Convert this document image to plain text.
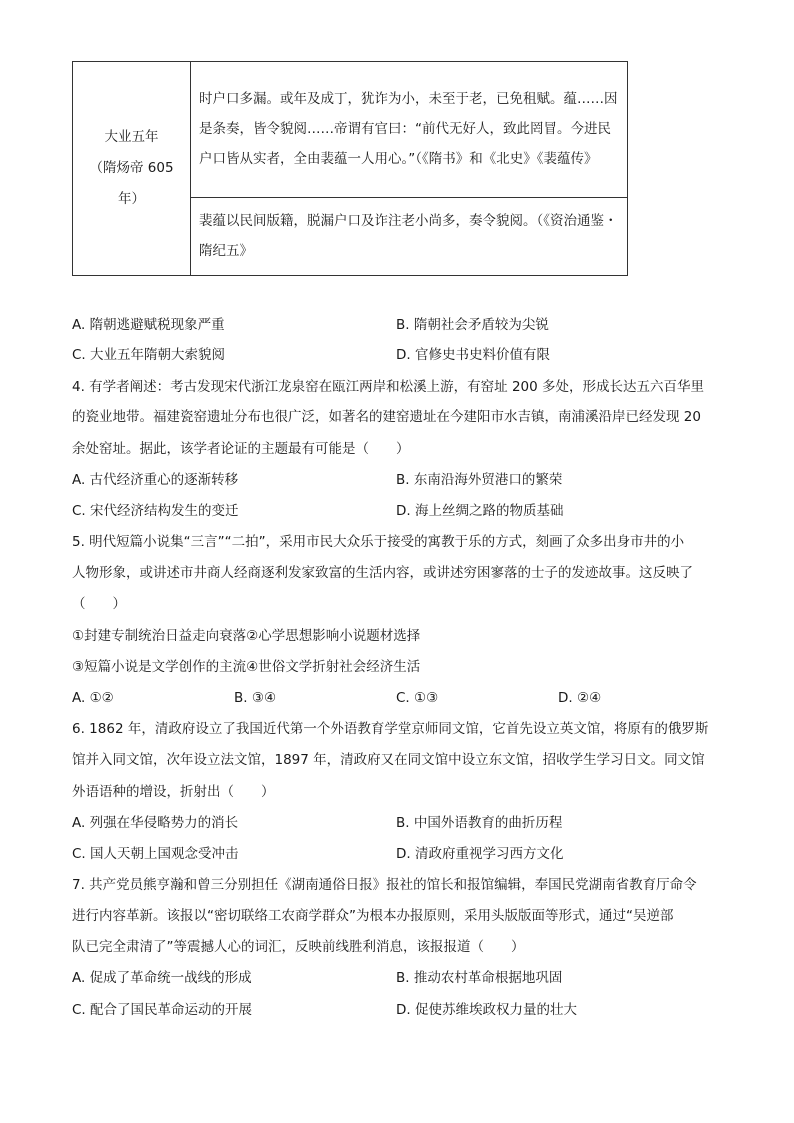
大业五年
（隋炀帝 605
年）
	时户口多漏。或年及成丁，犹诈为小，未至于老，已免租赋。蕴……因是条奏，皆令貌阅……帝谓有官曰：“前代无好人，致此罔冒。今进民户口皆从实者，全由裴蕴一人用心。”（《隋书》和《北史》《裴蕴传》
裴蕴以民间版籍，脱漏户口及诈注老小尚多，奏令貌阅。（《资治通鉴・隋纪五》
A. 隋朝逃避赋税现象严重	B. 隋朝社会矛盾较为尖锐
C. 大业五年隋朝大索貌阅	D. 官修史书史料价值有限
4. 有学者阐述：考古发现宋代浙江龙泉窑在瓯江两岸和松溪上游，有窑址 200 多处，形成长达五六百华里
的瓷业地带。福建瓷窑遗址分布也很广泛，如著名的建窑遗址在今建阳市水吉镇，南浦溪沿岸已经发现 20
余处窑址。据此，该学者论证的主题最有可能是（　　）
A. 古代经济重心的逐渐转移	B. 东南沿海外贸港口的繁荣
C. 宋代经济结构发生的变迁	D. 海上丝绸之路的物质基础
5. 明代短篇小说集“三言”“二拍”，采用市民大众乐于接受的寓教于乐的方式，刻画了众多出身市井的小
人物形象，或讲述市井商人经商逐利发家致富的生活内容，或讲述穷困寥落的士子的发迹故事。这反映了
（　　）
①封建专制统治日益走向衰落②心学思想影响小说题材选择
③短篇小说是文学创作的主流④世俗文学折射社会经济生活
A. ①②	B. ③④	C. ①③	D. ②④
6. 1862 年，清政府设立了我国近代第一个外语教育学堂京师同文馆，它首先设立英文馆，将原有的俄罗斯
馆并入同文馆，次年设立法文馆，1897 年，清政府又在同文馆中设立东文馆，招收学生学习日文。同文馆
外语语种的增设，折射出（　　）
A. 列强在华侵略势力的消长	B. 中国外语教育的曲折历程
C. 国人天朝上国观念受冲击	D. 清政府重视学习西方文化
7. 共产党员熊亨瀚和曾三分别担任《湖南通俗日报》报社的馆长和报馆编辑，奉国民党湖南省教育厅命令
进行内容革新。该报以“密切联络工农商学群众”为根本办报原则，采用头版版面等形式，通过“吴逆部
队已完全肃清了”等震撼人心的词汇，反映前线胜利消息，该报报道（　　）
A. 促成了革命统一战线的形成	B. 推动农村革命根据地巩固
C. 配合了国民革命运动的开展	D. 促使苏维埃政权力量的壮大
